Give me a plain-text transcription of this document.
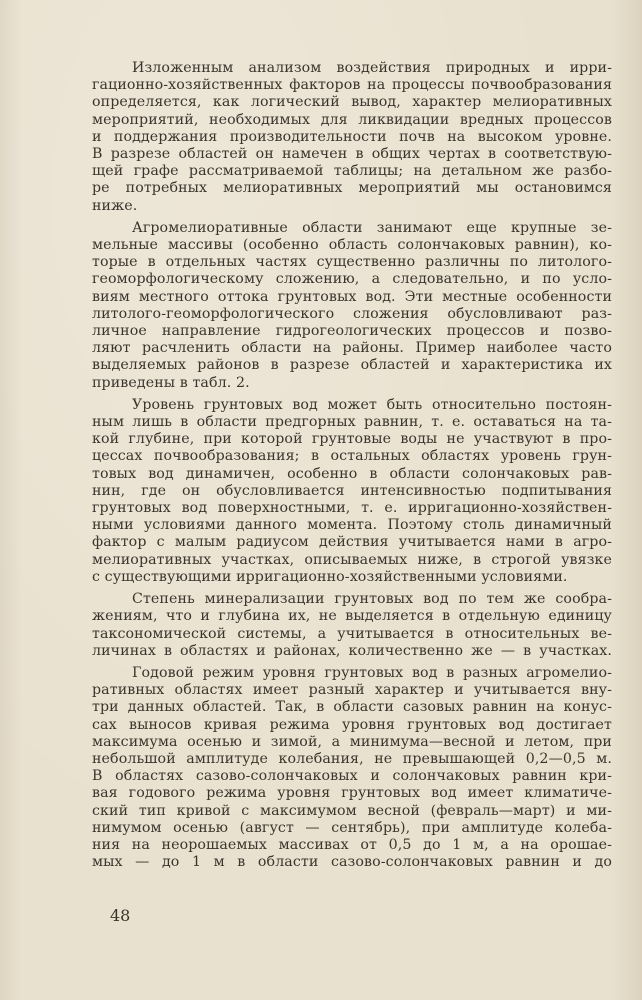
Изложенным анализом воздействия природных и ирри-
гационно-хозяйственных факторов на процессы почвообразования
определяется, как логический вывод, характер мелиоративных
мероприятий, необходимых для ликвидации вредных процессов
и поддержания производительности почв на высоком уровне.
В разрезе областей он намечен в общих чертах в соответствую-
щей графе рассматриваемой таблицы; на детальном же разбо-
ре потребных мелиоративных мероприятий мы остановимся
ниже.

Агромелиоративные области занимают еще крупные зе-
мельные массивы (особенно область солончаковых равнин), ко-
торые в отдельных частях существенно различны по литолого-
геоморфологическому сложению, а следовательно, и по усло-
виям местного оттока грунтовых вод. Эти местные особенности
литолого-геоморфологического сложения обусловливают раз-
личное направление гидрогеологических процессов и позво-
ляют расчленить области на районы. Пример наиболее часто
выделяемых районов в разрезе областей и характеристика их
приведены в табл. 2.

Уровень грунтовых вод может быть относительно постоян-
ным лишь в области предгорных равнин, т. е. оставаться на та-
кой глубине, при которой грунтовые воды не участвуют в про-
цессах почвообразования; в остальных областях уровень грун-
товых вод динамичен, особенно в области солончаковых рав-
нин, где он обусловливается интенсивностью подпитывания
грунтовых вод поверхностными, т. е. ирригационно-хозяйствен-
ными условиями данного момента. Поэтому столь динамичный
фактор с малым радиусом действия учитывается нами в агро-
мелиоративных участках, описываемых ниже, в строгой увязке
с существующими ирригационно-хозяйственными условиями.

Степень минерализации грунтовых вод по тем же сообра-
жениям, что и глубина их, не выделяется в отдельную единицу
таксономической системы, а учитывается в относительных ве-
личинах в областях и районах, количественно же — в участках.

Годовой режим уровня грунтовых вод в разных агромелио-
ративных областях имеет разный характер и учитывается вну-
три данных областей. Так, в области сазовых равнин на конус-
сах выносов кривая режима уровня грунтовых вод достигает
максимума осенью и зимой, а минимума—весной и летом, при
небольшой амплитуде колебания, не превышающей 0,2—0,5 м.
В областях сазово-солончаковых и солончаковых равнин кри-
вая годового режима уровня грунтовых вод имеет климатиче-
ский тип кривой с максимумом весной (февраль—март) и ми-
нимумом осенью (август — сентябрь), при амплитуде колеба-
ния на неорошаемых массивах от 0,5 до 1 м, а на орошае-
мых — до 1 м в области сазово-солончаковых равнин и до

48
